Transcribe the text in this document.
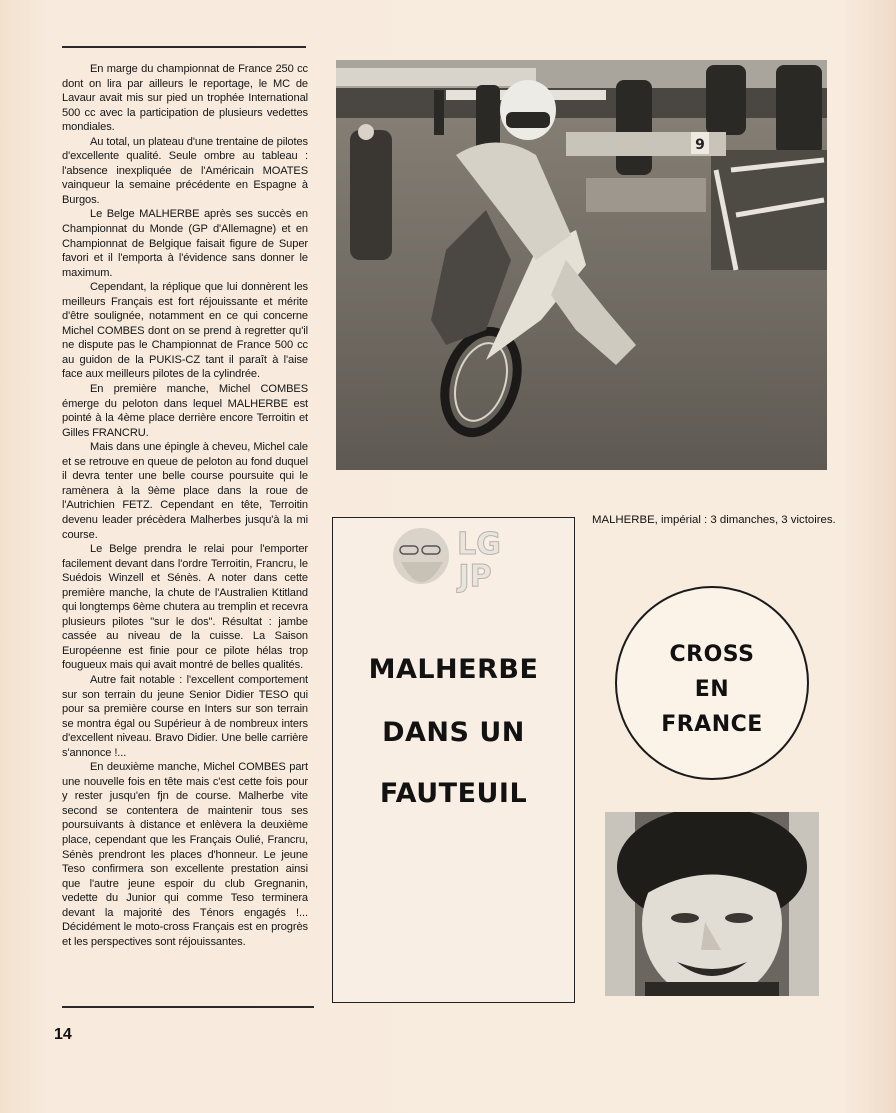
En marge du championnat de France 250 cc dont on lira par ailleurs le reportage, le MC de Lavaur avait mis sur pied un trophée International 500 cc avec la participation de plusieurs vedettes mondiales.

Au total, un plateau d'une trentaine de pilotes d'excellente qualité. Seule ombre au tableau : l'absence inexpliquée de l'Américain MOATES vainqueur la semaine précédente en Espagne à Burgos.

Le Belge MALHERBE après ses succès en Championnat du Monde (GP d'Allemagne) et en Championnat de Belgique faisait figure de Super favori et il l'emporta à l'évidence sans donner le maximum.

Cependant, la réplique que lui donnèrent les meilleurs Français est fort réjouissante et mérite d'être soulignée, notamment en ce qui concerne Michel COMBES dont on se prend à regretter qu'il ne dispute pas le Championnat de France 500 cc au guidon de la PUKIS-CZ tant il paraît à l'aise face aux meilleurs pilotes de la cylindrée.

En première manche, Michel COMBES émerge du peloton dans lequel MALHERBE est pointé à la 4ème place derrière encore Terroitin et Gilles FRANCRU.

Mais dans une épingle à cheveu, Michel cale et se retrouve en queue de peloton au fond duquel il devra tenter une belle course poursuite qui le ramènera à la 9ème place dans la roue de l'Autrichien FETZ. Cependant en tête, Terroitin devenu leader précèdera Malherbes jusqu'à la mi course.

Le Belge prendra le relai pour l'emporter facilement devant dans l'ordre Terroitin, Francru, le Suédois Winzell et Sénès. A noter dans cette première manche, la chute de l'Australien Ktitland qui longtemps 6ème chutera au tremplin et recevra plusieurs pilotes "sur le dos". Résultat : jambe cassée au niveau de la cuisse. La Saison Européenne est finie pour ce pilote hélas trop fougueux mais qui avait montré de belles qualités.

Autre fait notable : l'excellent comportement sur son terrain du jeune Senior Didier TESO qui pour sa première course en Inters sur son terrain se montra égal ou Supérieur à de nombreux inters d'excellent niveau. Bravo Didier. Une belle carrière s'annonce !...

En deuxième manche, Michel COMBES part une nouvelle fois en tête mais c'est cette fois pour y rester jusqu'en fjn de course. Malherbe vite second se contentera de maintenir tous ses poursuivants à distance et enlèvera la deuxième place, cependant que les Français Oulié, Francru, Sénès prendront les places d'honneur. Le jeune Teso confirmera son excellente prestation ainsi que l'autre jeune espoir du club Gregnanin, vedette du Junior qui comme Teso terminera devant la majorité des Ténors engagés !... Décidément le moto-cross Français est en progrès et les perspectives sont réjouissantes.

9
MALHERBE, impérial : 3 dimanches, 3 victoires.
LG
JP
MALHERBE
DANS UN
FAUTEUIL
CROSS
EN
FRANCE
14
